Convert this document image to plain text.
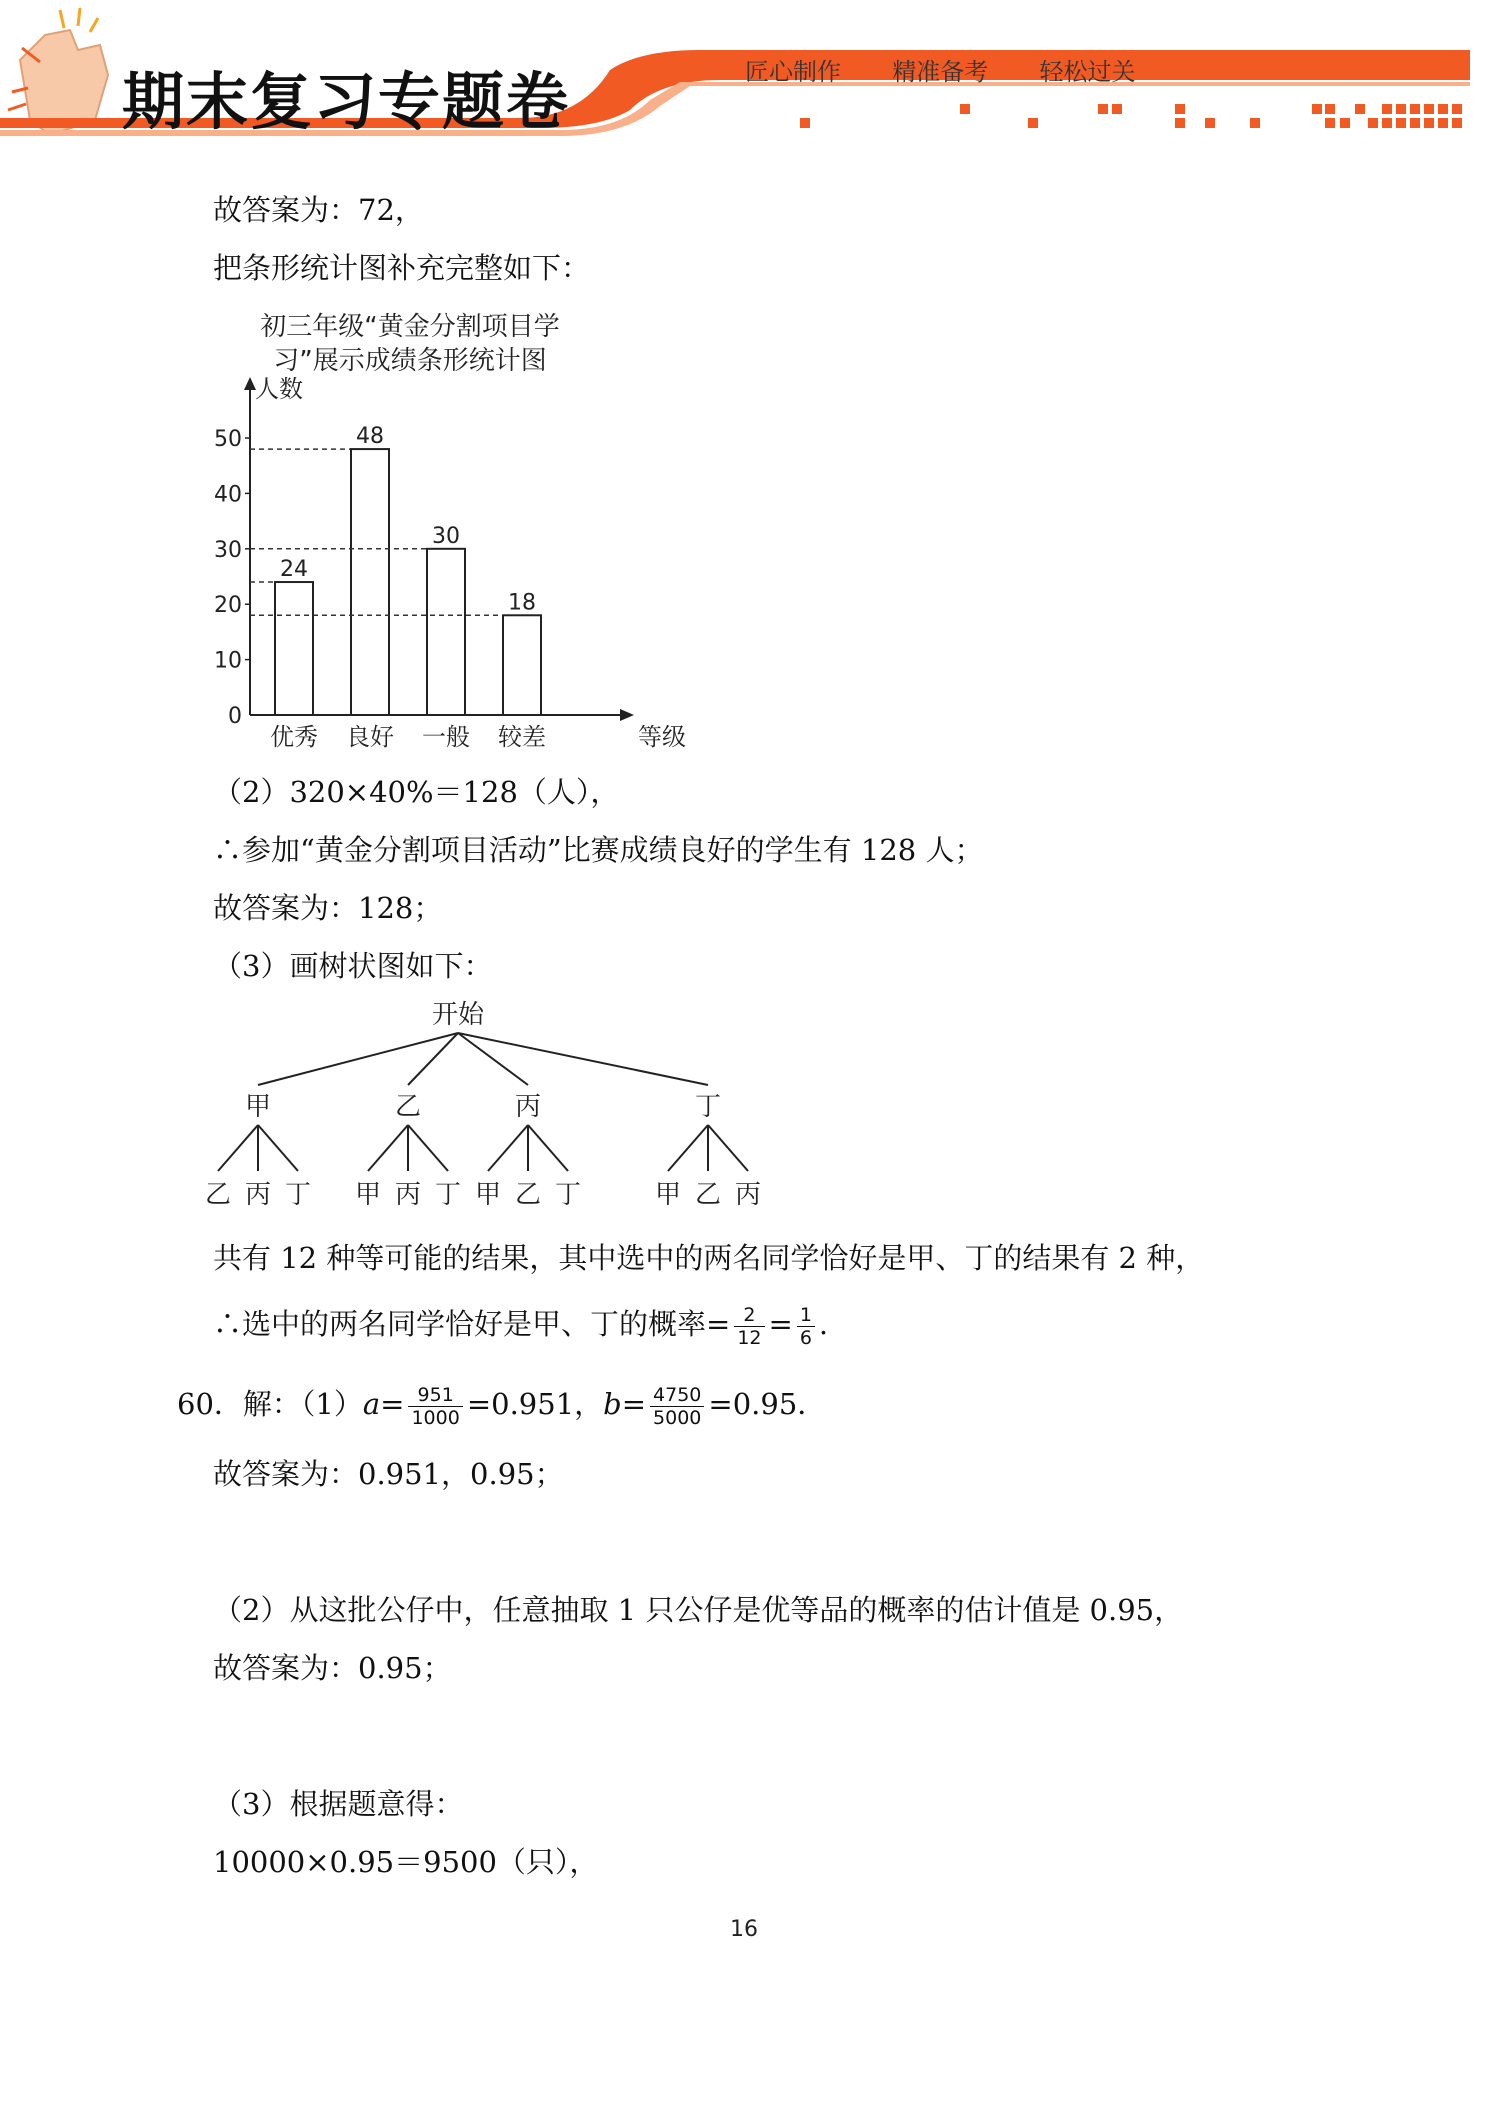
期末复习专题卷	匠心制作  精准备考  轻松过关
故答案为：72，
把条形统计图补充完整如下：
初三年级“黄金分割项目学
习”展示成绩条形统计图
人数
等级
0
10
20
30
40
50
24
优秀
48
良好
30
一般
18
较差
（2）320×40%＝128（人），
∴参加“黄金分割项目活动”比赛成绩良好的学生有 128 人；
故答案为：128；
（3）画树状图如下：
开始
甲
乙 丙 丁
乙
甲 丙 丁
丙
甲 乙 丁
丁
甲 乙 丙
共有 12 种等可能的结果，其中选中的两名同学恰好是甲、丁的结果有 2 种，
∴选中的两名同学恰好是甲、丁的概率= $\frac{2}{12} = \frac{1}{6}$ .
60．解：$(1)a= \frac{951}{1000} =0.951$，$b= \frac{4750}{5000} =0.95$．
故答案为：0.951，0.95；
（2）从这批公仔中，任意抽取 1 只公仔是优等品的概率的估计值是 0.95，
故答案为：0.95；
（3）根据题意得：
10000×0.95＝9500（只），
16
